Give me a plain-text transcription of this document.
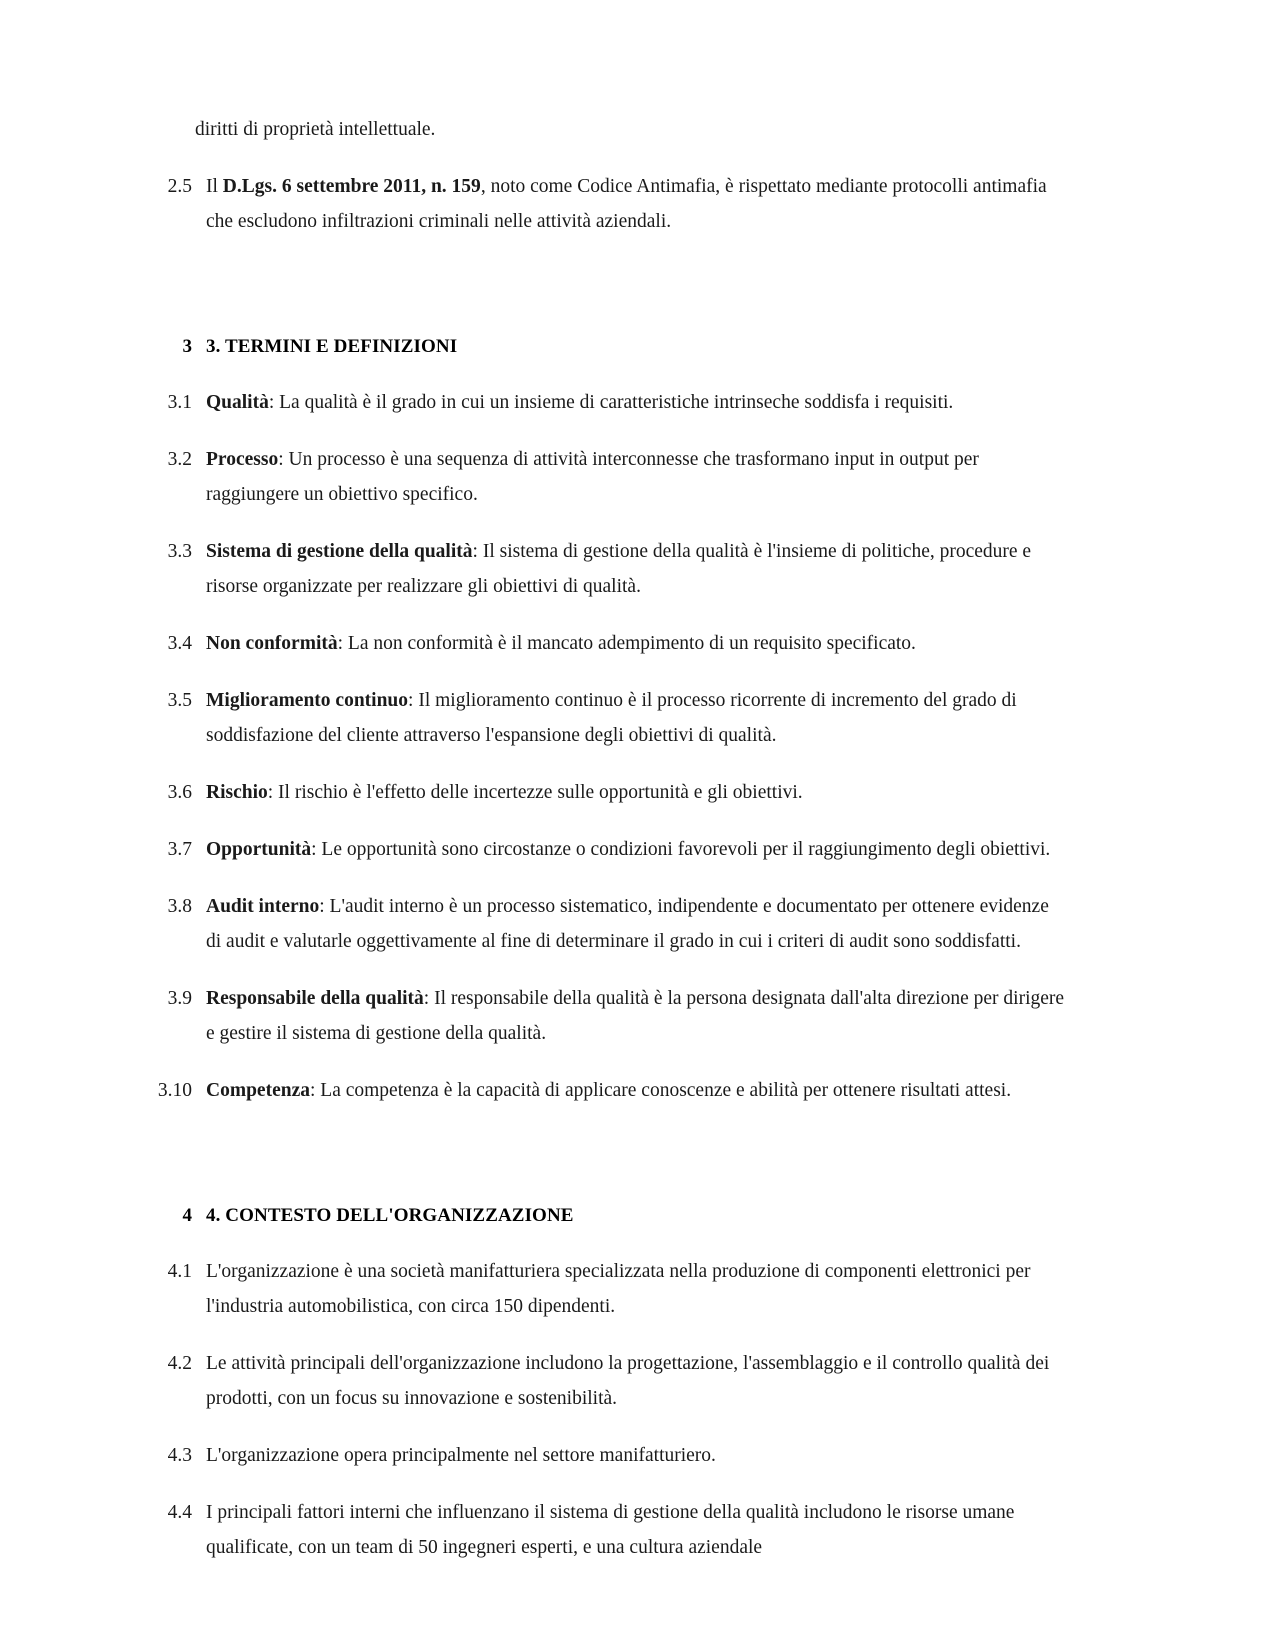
diritti di proprietà intellettuale.

2.5 Il D.Lgs. 6 settembre 2011, n. 159, noto come Codice Antimafia, è rispettato mediante protocolli antimafia che escludono infiltrazioni criminali nelle attività aziendali.
3 3. TERMINI E DEFINIZIONI
3.1 Qualità: La qualità è il grado in cui un insieme di caratteristiche intrinseche soddisfa i requisiti.
3.2 Processo: Un processo è una sequenza di attività interconnesse che trasformano input in output per raggiungere un obiettivo specifico.
3.3 Sistema di gestione della qualità: Il sistema di gestione della qualità è l'insieme di politiche, procedure e risorse organizzate per realizzare gli obiettivi di qualità.
3.4 Non conformità: La non conformità è il mancato adempimento di un requisito specificato.
3.5 Miglioramento continuo: Il miglioramento continuo è il processo ricorrente di incremento del grado di soddisfazione del cliente attraverso l'espansione degli obiettivi di qualità.
3.6 Rischio: Il rischio è l'effetto delle incertezze sulle opportunità e gli obiettivi.
3.7 Opportunità: Le opportunità sono circostanze o condizioni favorevoli per il raggiungimento degli obiettivi.
3.8 Audit interno: L'audit interno è un processo sistematico, indipendente e documentato per ottenere evidenze di audit e valutarle oggettivamente al fine di determinare il grado in cui i criteri di audit sono soddisfatti.
3.9 Responsabile della qualità: Il responsabile della qualità è la persona designata dall'alta direzione per dirigere e gestire il sistema di gestione della qualità.
3.10 Competenza: La competenza è la capacità di applicare conoscenze e abilità per ottenere risultati attesi.
4 4. CONTESTO DELL'ORGANIZZAZIONE
4.1 L'organizzazione è una società manifatturiera specializzata nella produzione di componenti elettronici per l'industria automobilistica, con circa 150 dipendenti.
4.2 Le attività principali dell'organizzazione includono la progettazione, l'assemblaggio e il controllo qualità dei prodotti, con un focus su innovazione e sostenibilità.
4.3 L'organizzazione opera principalmente nel settore manifatturiero.
4.4 I principali fattori interni che influenzano il sistema di gestione della qualità includono le risorse umane qualificate, con un team di 50 ingegneri esperti, e una cultura aziendale
